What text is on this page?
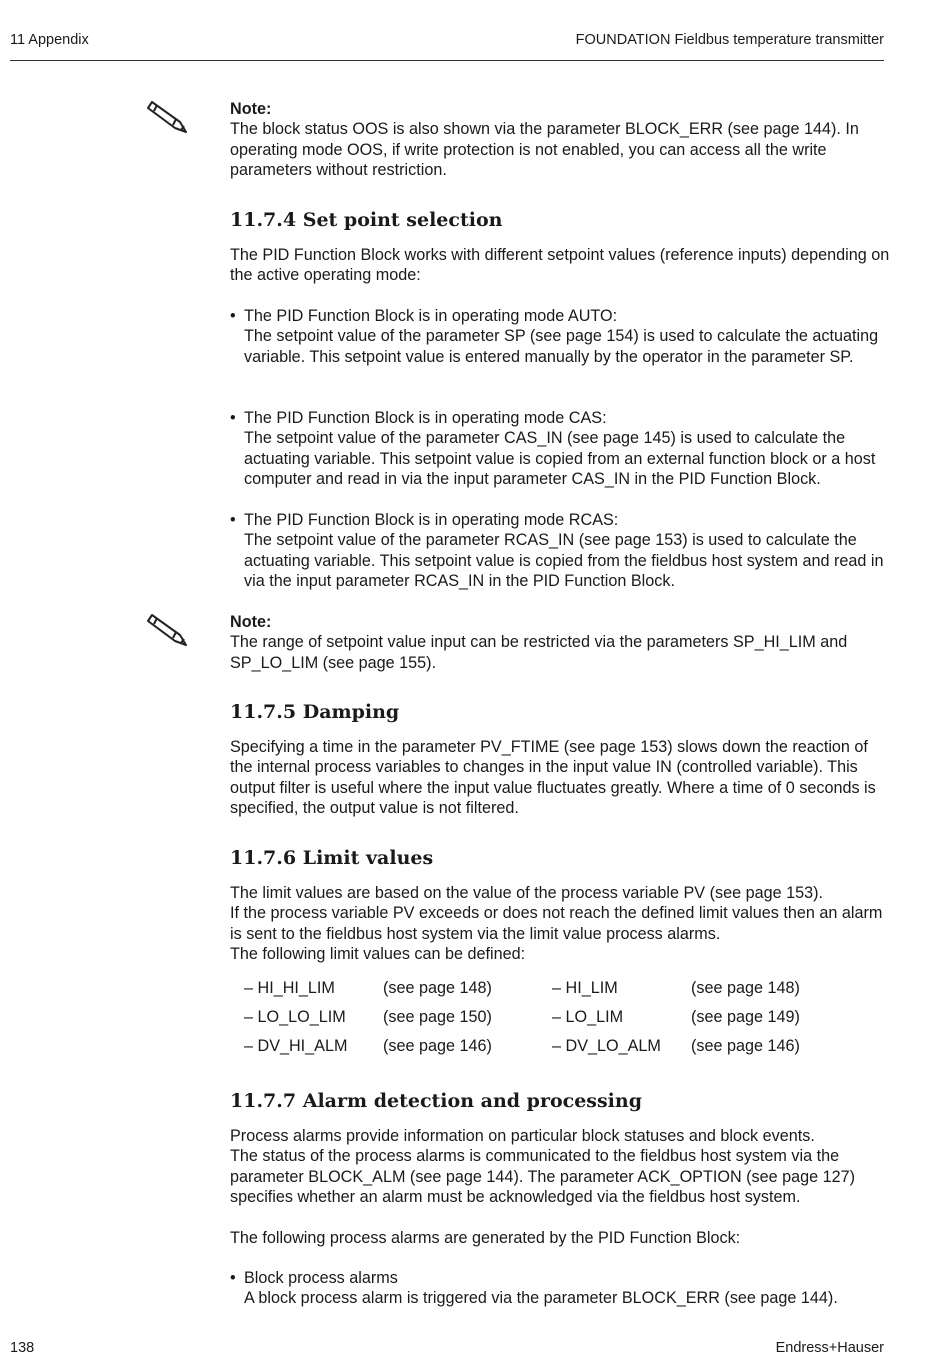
11 Appendix	FOUNDATION Fieldbus temperature transmitter

Note:

The block status OOS is also shown via the parameter BLOCK_ERR (see page 144). In operating mode OOS, if write protection is not enabled, you can access all the write parameters without restriction.

11.7.4 Set point selection
The PID Function Block works with different setpoint values (reference inputs) depending on the active operating mode:
• The PID Function Block is in operating mode AUTO:
The setpoint value of the parameter SP (see page 154) is used to calculate the actuating variable. This setpoint value is entered manually by the operator in the parameter SP.
• The PID Function Block is in operating mode CAS:
The setpoint value of the parameter CAS_IN (see page 145) is used to calculate the actuating variable. This setpoint value is copied from an external function block or a host computer and read in via the input parameter CAS_IN in the PID Function Block.
• The PID Function Block is in operating mode RCAS:
The setpoint value of the parameter RCAS_IN (see page 153) is used to calculate the actuating variable. This setpoint value is copied from the fieldbus host system and read in via the input parameter RCAS_IN in the PID Function Block.

Note:

The range of setpoint value input can be restricted via the parameters SP_HI_LIM and SP_LO_LIM (see page 155).

11.7.5 Damping
Specifying a time in the parameter PV_FTIME (see page 153) slows down the reaction of the internal process variables to changes in the input value IN (controlled variable). This output filter is useful where the input value fluctuates greatly. Where a time of 0 seconds is specified, the output value is not filtered.
11.7.6 Limit values
The limit values are based on the value of the process variable PV (see page 153).
If the process variable PV exceeds or does not reach the defined limit values then an alarm is sent to the fieldbus host system via the limit value process alarms.
The following limit values can be defined:
– HI_HI_LIM	(see page 148)	– HI_LIM	(see page 148)
– LO_LO_LIM (see page 150)	– LO_LIM	(see page 149)
– DV_HI_ALM (see page 146)	– DV_LO_ALM (see page 146)
11.7.7 Alarm detection and processing
Process alarms provide information on particular block statuses and block events.
The status of the process alarms is communicated to the fieldbus host system via the parameter BLOCK_ALM (see page 144). The parameter ACK_OPTION (see page 127) specifies whether an alarm must be acknowledged via the fieldbus host system.
The following process alarms are generated by the PID Function Block:
• Block process alarms
A block process alarm is triggered via the parameter BLOCK_ERR (see page 144).
138	Endress+Hauser
